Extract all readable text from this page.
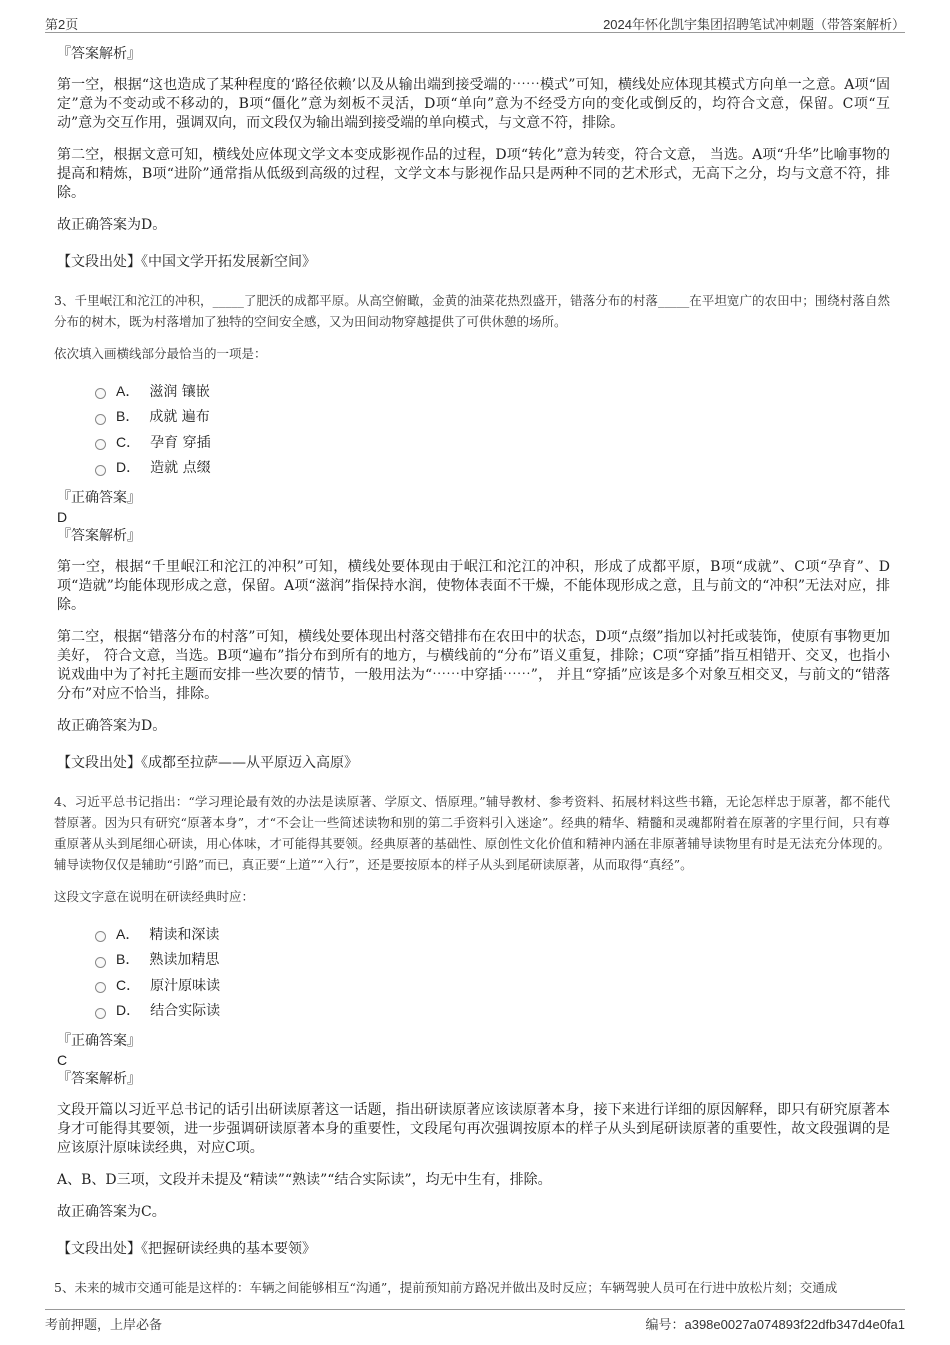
第2页	2024年怀化凯宇集团招聘笔试冲刺题（带答案解析）

『答案解析』

第一空，根据“这也造成了某种程度的‘路径依赖’以及从输出端到接受端的⋯⋯模式”可知，横线处应体现其模式方向单一之意。A项“固定”意为不变动或不移动的，B项“僵化”意为刻板不灵活，D项“单向”意为不经受方向的变化或倒反的，均符合文意，保留。C项“互动”意为交互作用，强调双向，而文段仅为输出端到接受端的单向模式，与文意不符，排除。

第二空，根据文意可知，横线处应体现文学文本变成影视作品的过程，D项“转化”意为转变，符合文意， 当选。A项“升华”比喻事物的提高和精炼，B项“进阶”通常指从低级到高级的过程，文学文本与影视作品只是两种不同的艺术形式，无高下之分，均与文意不符，排除。

故正确答案为D。

【文段出处】《中国文学开拓发展新空间》

3、千里岷江和沱江的冲积，_____了肥沃的成都平原。从高空俯瞰，金黄的油菜花热烈盛开，错落分布的村落_____在平坦宽广的农田中；围绕村落自然分布的树木，既为村落增加了独特的空间安全感，又为田间动物穿越提供了可供休憩的场所。

依次填入画横线部分最恰当的一项是：

A． 滋润 镶嵌
B． 成就 遍布
C． 孕育 穿插
D． 造就 点缀

『正确答案』

D

『答案解析』

第一空，根据“千里岷江和沱江的冲积”可知，横线处要体现由于岷江和沱江的冲积，形成了成都平原，B项“成就”、C项“孕育”、D项“造就”均能体现形成之意，保留。A项“滋润”指保持水润，使物体表面不干燥，不能体现形成之意，且与前文的“冲积”无法对应，排除。

第二空，根据“错落分布的村落”可知，横线处要体现出村落交错排布在农田中的状态，D项“点缀”指加以衬托或装饰，使原有事物更加美好， 符合文意，当选。B项“遍布”指分布到所有的地方，与横线前的“分布”语义重复，排除；C项“穿插”指互相错开、交叉，也指小说戏曲中为了衬托主题而安排一些次要的情节，一般用法为“⋯⋯中穿插⋯⋯”， 并且“穿插”应该是多个对象互相交叉，与前文的“错落分布”对应不恰当，排除。

故正确答案为D。

【文段出处】《成都至拉萨——从平原迈入高原》

4、习近平总书记指出：“学习理论最有效的办法是读原著、学原文、悟原理。”辅导教材、参考资料、拓展材料这些书籍，无论怎样忠于原著，都不能代替原著。因为只有研究“原著本身”，才“不会让一些简述读物和别的第二手资料引入迷途”。经典的精华、精髓和灵魂都附着在原著的字里行间，只有尊重原著从头到尾细心研读，用心体味，才可能得其要领。经典原著的基础性、原创性文化价值和精神内涵在非原著辅导读物里有时是无法充分体现的。辅导读物仅仅是辅助“引路”而已，真正要“上道”“入行”，还是要按原本的样子从头到尾研读原著，从而取得“真经”。

这段文字意在说明在研读经典时应：

A． 精读和深读
B． 熟读加精思
C． 原汁原味读
D． 结合实际读

『正确答案』

C

『答案解析』

文段开篇以习近平总书记的话引出研读原著这一话题，指出研读原著应该读原著本身，接下来进行详细的原因解释，即只有研究原著本身才可能得其要领，进一步强调研读原著本身的重要性，文段尾句再次强调按原本的样子从头到尾研读原著的重要性，故文段强调的是应该原汁原味读经典，对应C项。

A、B、D三项，文段并未提及“精读”“熟读”“结合实际读”，均无中生有，排除。

故正确答案为C。

【文段出处】《把握研读经典的基本要领》

5、未来的城市交通可能是这样的：车辆之间能够相互“沟通”，提前预知前方路况并做出及时反应；车辆驾驶人员可在行进中放松片刻；交通成

考前押题，上岸必备	编号：a398e0027a074893f22dfb347d4e0fa1
